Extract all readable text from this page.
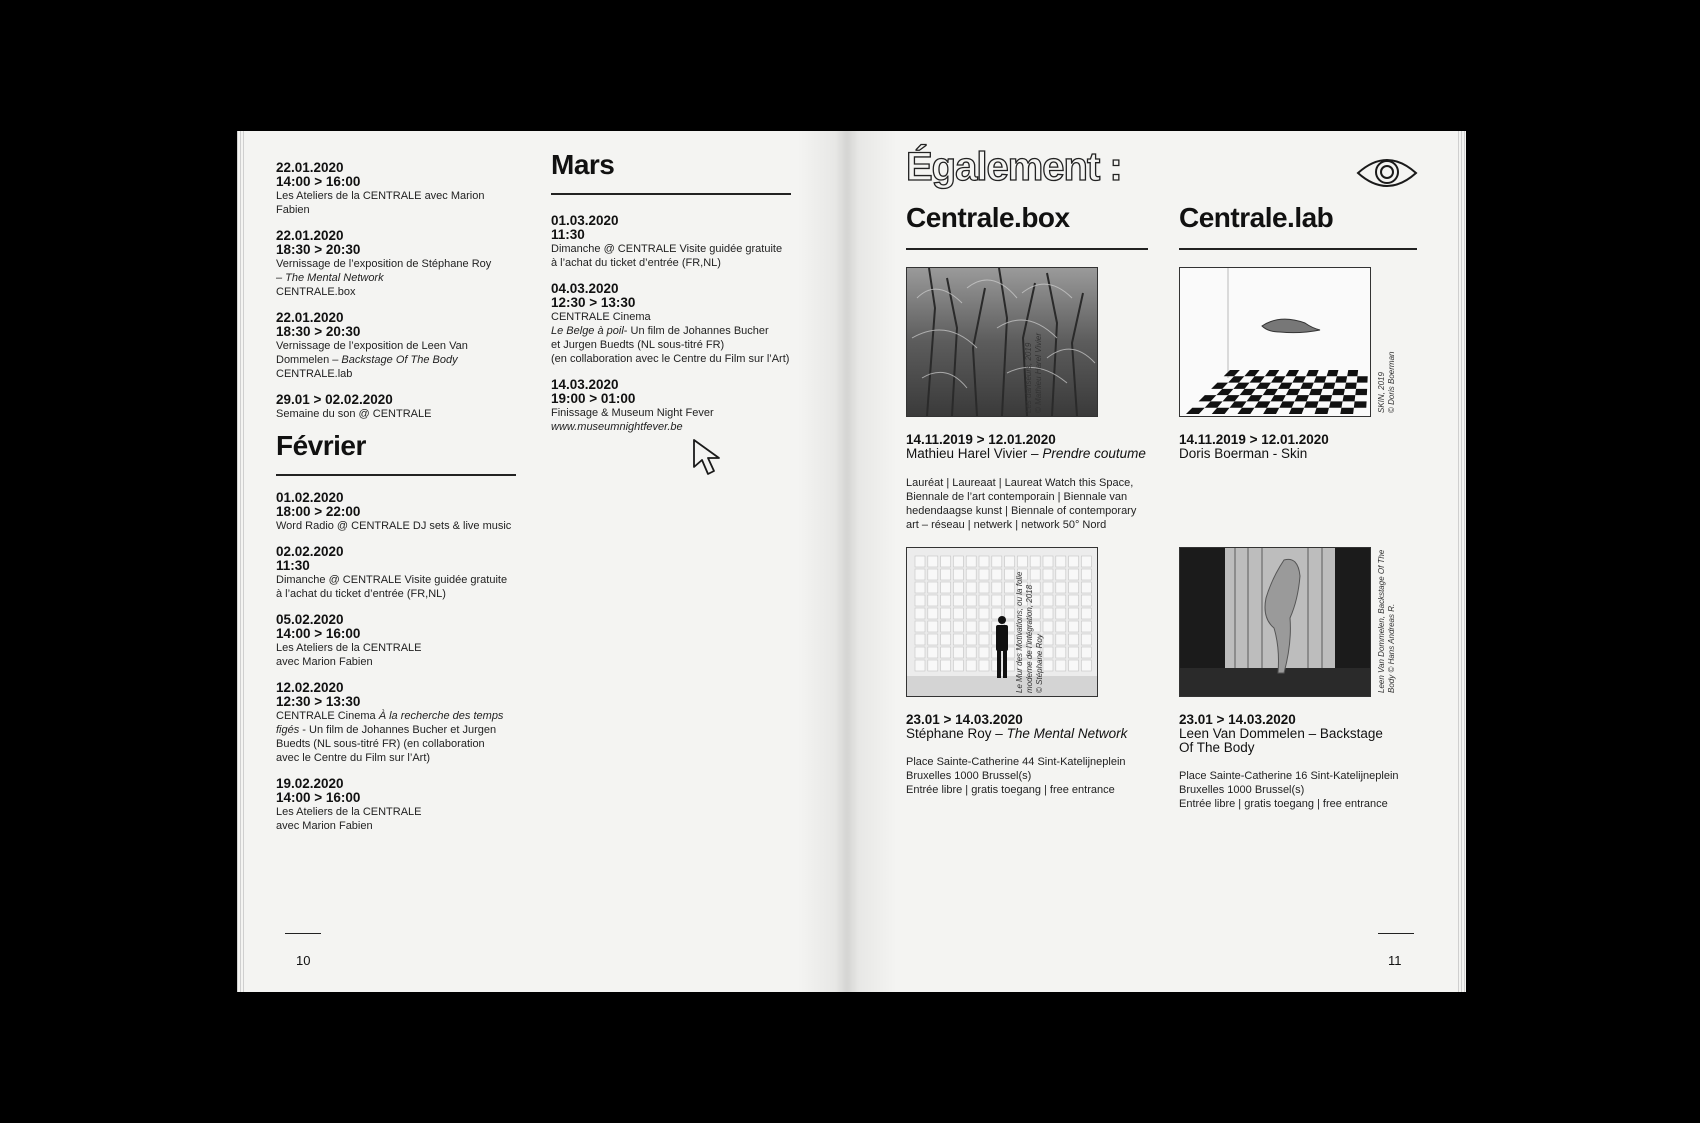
22.01.2020
14:00 > 16:00
Les Ateliers de la CENTRALE avec Marion Fabien
22.01.2020
18:30 > 20:30
Vernissage de l’exposition de Stéphane Roy
– The Mental Network
CENTRALE.box
22.01.2020
18:30 > 20:30
Vernissage de l’exposition de Leen Van
Dommelen – Backstage Of The Body
CENTRALE.lab
29.01 > 02.02.2020
Semaine du son @ CENTRALE
Février
01.02.2020
18:00 > 22:00
Word Radio @ CENTRALE DJ sets & live music
02.02.2020
11:30
Dimanche @ CENTRALE Visite guidée gratuite
à l’achat du ticket d’entrée (FR,NL)
05.02.2020
14:00 > 16:00
Les Ateliers de la CENTRALE
avec Marion Fabien
12.02.2020
12:30 > 13:30
CENTRALE Cinema À la recherche des temps
figés - Un film de Johannes Bucher et Jurgen
Buedts (NL sous-titré FR) (en collaboration
avec le Centre du Film sur l’Art)
19.02.2020
14:00 > 16:00
Les Ateliers de la CENTRALE
avec Marion Fabien
Mars
01.03.2020
11:30
Dimanche @ CENTRALE Visite guidée gratuite
à l’achat du ticket d’entrée (FR,NL)
04.03.2020
12:30 > 13:30
CENTRALE Cinema
Le Belge à poil- Un film de Johannes Bucher
et Jurgen Buedts (NL sous-titré FR)
(en collaboration avec le Centre du Film sur l’Art)
14.03.2020
19:00 > 01:00
Finissage & Museum Night Fever
www.museumnightfever.be
10
Également :
Centrale.box	Centrale.lab
Les danseurs, 2019 © Mathieu Harel Vivier
14.11.2019 > 12.01.2020
Mathieu Harel Vivier – Prendre coutume
Lauréat | Laureaat | Laureat Watch this Space,
Biennale de l’art contemporain | Biennale van
hedendaagse kunst | Biennale of contemporary
art – réseau | netwerk | network 50° Nord
SKIN, 2019 © Doris Boerman
14.11.2019 > 12.01.2020
Doris Boerman - Skin
Le Mur des Motivations, ou la folie moderne de l’intégration, 2018 © Stéphane Roy
23.01 > 14.03.2020
Stéphane Roy – The Mental Network
Place Sainte-Catherine 44 Sint-Katelijneplein
Bruxelles 1000 Brussel(s)
Entrée libre | gratis toegang | free entrance
Leen Van Dommelen, Backstage Of The Body © Hans Andreas R.
23.01 > 14.03.2020
Leen Van Dommelen – Backstage
Of The Body
Place Sainte-Catherine 16 Sint-Katelijneplein
Bruxelles 1000 Brussel(s)
Entrée libre | gratis toegang | free entrance
11
